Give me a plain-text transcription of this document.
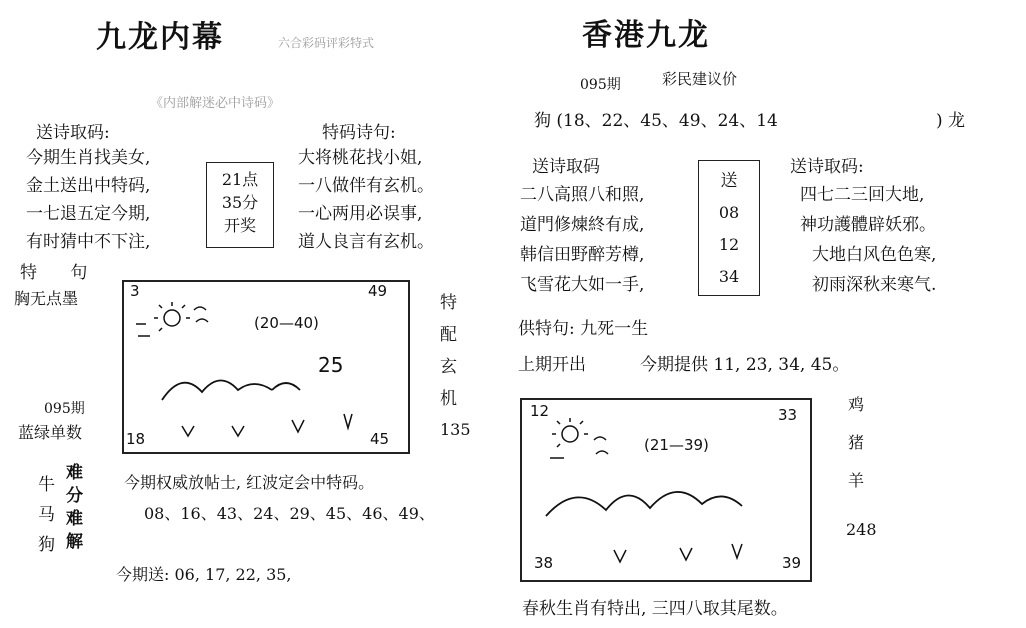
九龙内幕	六合彩码评彩特式
《内部解迷必中诗码》
送诗取码:	特码诗句:
今期生肖找美女,
金土送出中特码,
一七退五定今期,
有时猜中不下注,
21点
35分
开奖
大将桃花找小姐,
一八做伴有玄机。
一心两用必误事,
道人良言有玄机。
特 句
胸无点墨
095期
蓝绿单数
3	49
18	45
(20—40)
25
特
配
玄
机
135
牛
马
狗
难
分
难
解
今期权威放帖士, 红波定会中特码。
08、16、43、24、29、45、46、49、
今期送: 06, 17, 22, 35,
香港九龙
095期	彩民建议价
狗 (18、22、45、49、24、14	) 龙
送诗取码	送诗取码:
二八高照八和照,
道門修煉終有成,
韩信田野醉芳樽,
飞雪花大如一手,
送
08
12
34
四七二三回大地,
神功護體辟妖邪。
大地白风色色寒,
初雨深秋来寒气.
供特句: 九死一生
上期开出	今期提供 11, 23, 34, 45。
12	33
38	39
(21—39)
鸡
猪
羊
248
春秋生肖有特出, 三四八取其尾数。
